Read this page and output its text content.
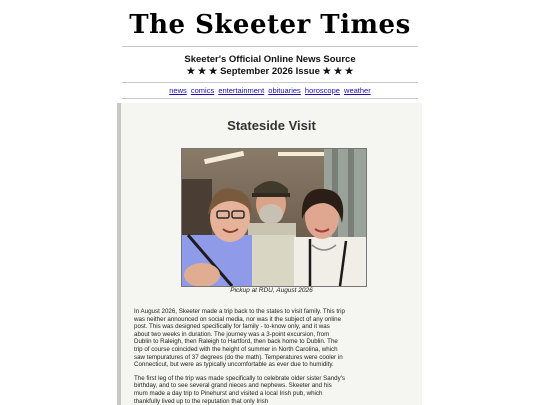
The Skeeter Times
Skeeter's Official Online News Source
★ ★ ★ September 2026 Issue ★ ★ ★
news comics entertainment obituaries horoscope weather
Stateside Visit
Pickup at RDU, August 2026

In August 2026, Skeeter made a trip back to the states to visit family. This trip was neither announced on social media, nor was it the subject of any online post. This was designed specifically for family - to-know only, and it was about two weeks in duration. The journey was a 3-point excursion, from Dublin to Raleigh, then Raleigh to Hartford, then back home to Dublin. The trip of course coincided with the height of summer in North Carolina, which saw tempuratures of 37 degrees (do the math). Temperatures were cooler in Connecticut, but were as typically uncomfortable as ever due to humidity.

The first leg of the trip was made specifically to celebrate older sister Sandy's birthday, and to see several grand nieces and nephews. Skeeter and his mum made a day trip to Pinehurst and visited a local Irish pub, which thankfully lived up to the reputation that only Irish
